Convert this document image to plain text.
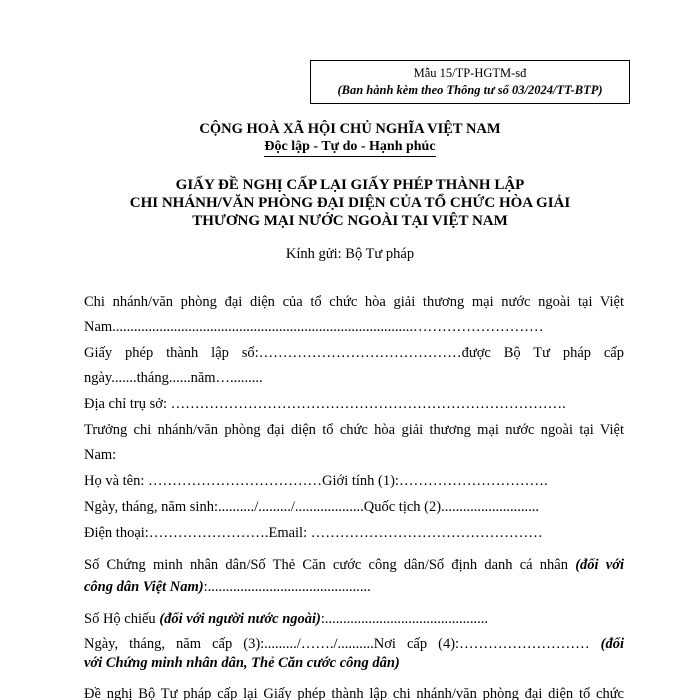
Mẫu 15/TP-HGTM-sđ
(Ban hành kèm theo Thông tư số 03/2024/TT-BTP)
CỘNG HOÀ XÃ HỘI CHỦ NGHĨA VIỆT NAM
Độc lập - Tự do - Hạnh phúc
GIẤY ĐỀ NGHỊ CẤP LẠI GIẤY PHÉP THÀNH LẬP
CHI NHÁNH/VĂN PHÒNG ĐẠI DIỆN CỦA TỔ CHỨC HÒA GIẢI
THƯƠNG MẠI NƯỚC NGOÀI TẠI VIỆT NAM
Kính gửi: Bộ Tư pháp
Chi nhánh/văn phòng đại diện của tổ chức hòa giải thương mại nước ngoài tại Việt
Nam...................................................................................………………………
Giấy phép thành lập số:……………………………………được Bộ Tư pháp cấp
ngày.......tháng......năm….........
Địa chỉ trụ sở: ……………………………………………………………………….
Trưởng chi nhánh/văn phòng đại diện tổ chức hòa giải thương mại nước ngoài tại Việt
Nam:
Họ và tên: ………………………………Giới tính (1):………………………….
Ngày, tháng, năm sinh:........../........./...................Quốc tịch (2)...........................
Điện thoại:…………………….Email: …………………………………………
Số Chứng minh nhân dân/Số Thẻ Căn cước công dân/Số định danh cá nhân (đối với
công dân Việt Nam):.............................................
Số Hộ chiếu (đối với người nước ngoài):.............................................
Ngày, tháng, năm cấp (3):........./……./..........Nơi cấp (4):……………………… (đối
với Chứng minh nhân dân, Thẻ Căn cước công dân)
Đề nghị Bộ Tư pháp cấp lại Giấy phép thành lập chi nhánh/văn phòng đại diện tổ chức
